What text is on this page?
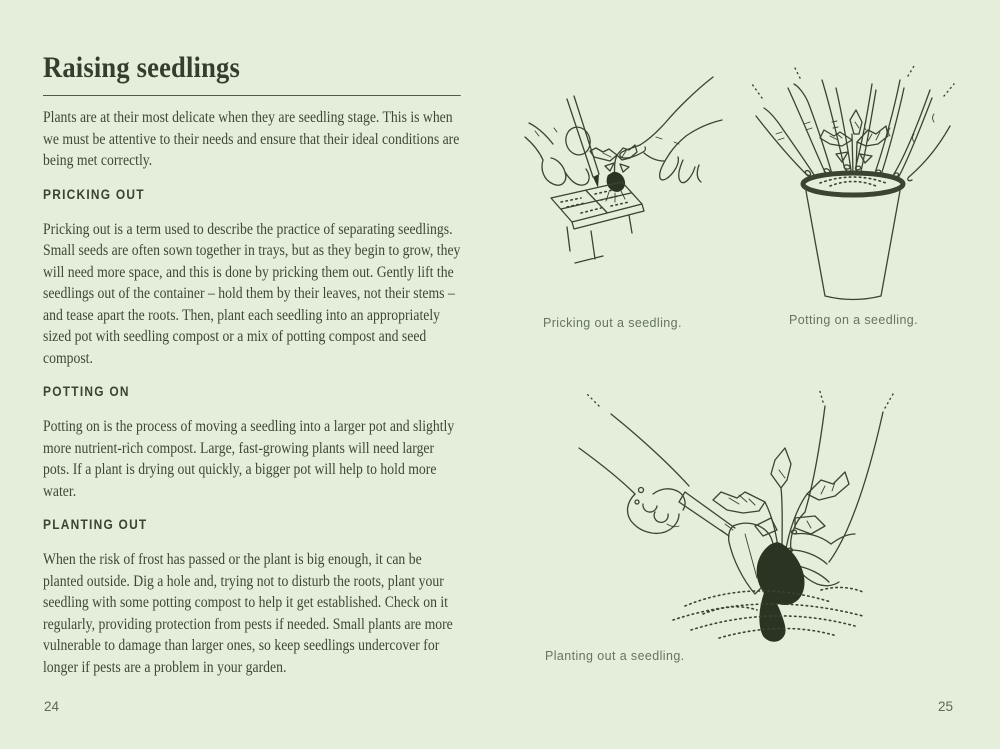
Raising seedlings

Plants are at their most delicate when they are seedling stage. This is when we must be attentive to their needs and ensure that their ideal conditions are being met correctly.

PRICKING OUT

Pricking out is a term used to describe the practice of separating seedlings. Small seeds are often sown together in trays, but as they begin to grow, they will need more space, and this is done by pricking them out. Gently lift the seedlings out of the container – hold them by their leaves, not their stems – and tease apart the roots. Then, plant each seedling into an appropriately sized pot with seedling compost or a mix of potting compost and seed compost.

POTTING ON

Potting on is the process of moving a seedling into a larger pot and slightly more nutrient-rich compost. Large, fast-growing plants will need larger pots. If a plant is drying out quickly, a bigger pot will help to hold more water.

PLANTING OUT

When the risk of frost has passed or the plant is big enough, it can be planted outside. Dig a hole and, trying not to disturb the roots, plant your seedling with some potting compost to help it get established. Check on it regularly, providing protection from pests if needed. Small plants are more vulnerable to damage than larger ones, so keep seedlings undercover for longer if pests are a problem in your garden.

Pricking out a seedling.	Potting on a seedling.
Planting out a seedling.
24	25
